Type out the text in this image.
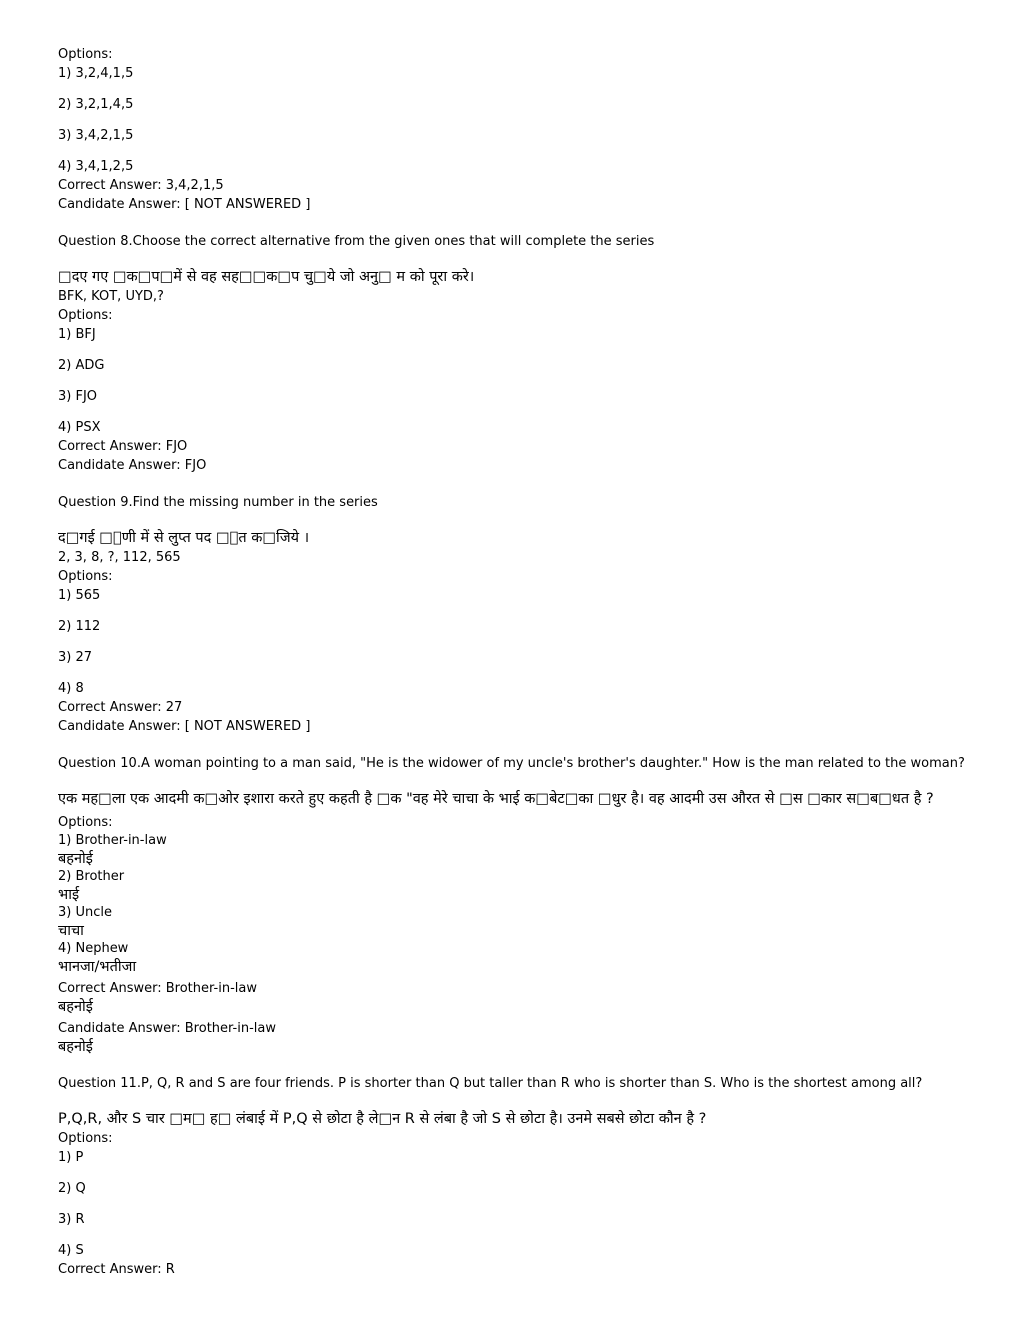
Options:
1) 3,2,4,1,5
2) 3,2,1,4,5
3) 3,4,2,1,5
4) 3,4,1,2,5
Correct Answer: 3,4,2,1,5
Candidate Answer: [ NOT ANSWERED ]
Question 8.Choose the correct alternative from the given ones that will complete the series
□दए गए □क□प□में से वह सह□□क□प चु□ये जो अनु□ म को पूरा करे।
BFK, KOT, UYD,?
Options:
1) BFJ
2) ADG
3) FJO
4) PSX
Correct Answer: FJO
Candidate Answer: FJO
Question 9.Find the missing number in the series
द□गई □ेणी में से लुप्त पद □ात क□जिये ।
2, 3, 8, ?, 112, 565
Options:
1) 565
2) 112
3) 27
4) 8
Correct Answer: 27
Candidate Answer: [ NOT ANSWERED ]
Question 10.A woman pointing to a man said, "He is the widower of my uncle's brother's daughter." How is the man related to the woman?
एक मह□ला एक आदमी क□ओर इशारा करते हुए कहती है □क "वह मेरे चाचा के भाई क□बेट□का □धुर है। वह आदमी उस औरत से □स □कार स□ब□धत है ?
Options:
1) Brother-in-law
बहनोई
2) Brother
भाई
3) Uncle
चाचा
4) Nephew
भानजा/भतीजा
Correct Answer: Brother-in-law
बहनोई
Candidate Answer: Brother-in-law
बहनोई
Question 11.P, Q, R and S are four friends. P is shorter than Q but taller than R who is shorter than S. Who is the shortest among all?
P,Q,R, और S चार □म□ ह□ लंबाई में P,Q से छोटा है ले□न R से लंबा है जो S से छोटा है। उनमे सबसे छोटा कौन है ?
Options:
1) P
2) Q
3) R
4) S
Correct Answer: R
